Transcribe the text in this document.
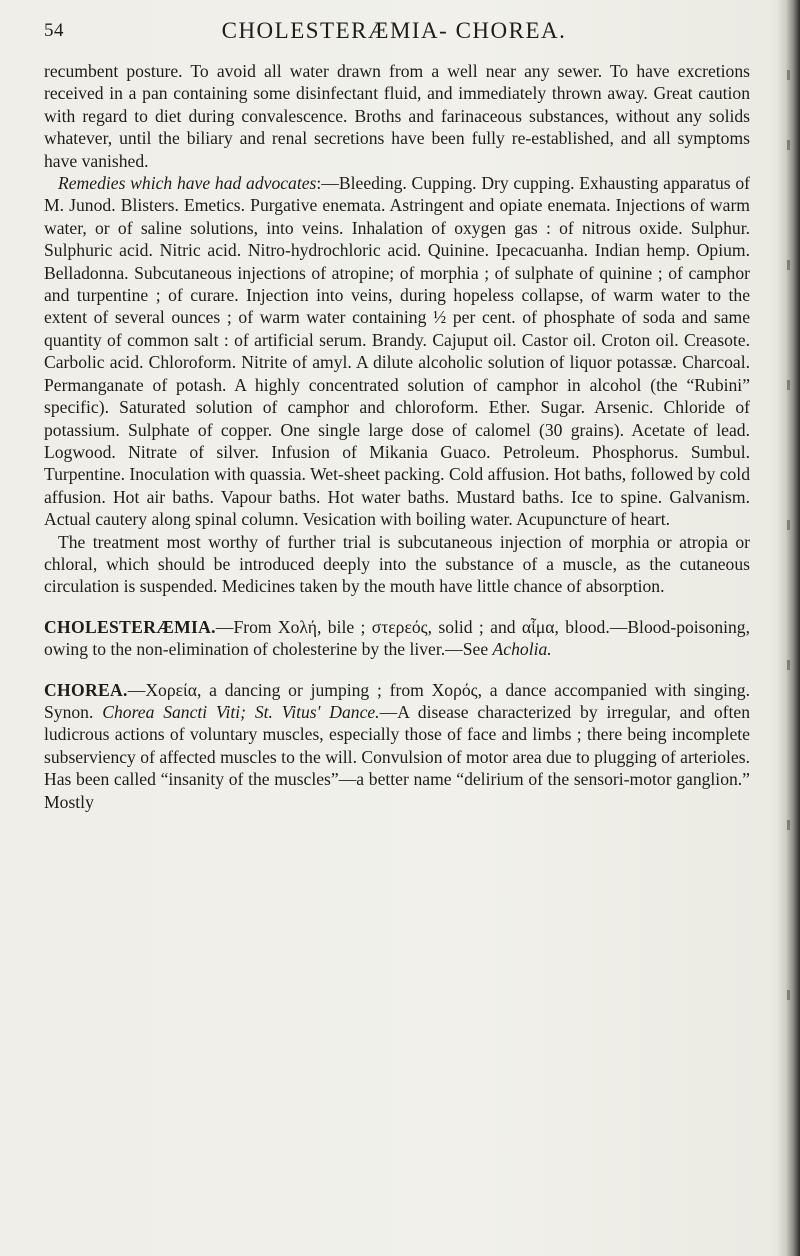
54	CHOLESTERÆMIA- CHOREA.

recumbent posture. To avoid all water drawn from a well near any sewer. To have excretions received in a pan containing some disinfectant fluid, and immediately thrown away. Great caution with regard to diet during convalescence. Broths and farinaceous substances, without any solids whatever, until the biliary and renal secretions have been fully re-established, and all symptoms have vanished.

Remedies which have had advocates:—Bleeding. Cupping. Dry cupping. Exhausting apparatus of M. Junod. Blisters. Emetics. Purgative enemata. Astringent and opiate enemata. Injections of warm water, or of saline solutions, into veins. Inhalation of oxygen gas : of nitrous oxide. Sulphur. Sulphuric acid. Nitric acid. Nitro-hydrochloric acid. Quinine. Ipecacuanha. Indian hemp. Opium. Belladonna. Subcutaneous injections of atropine; of morphia ; of sulphate of quinine ; of camphor and turpentine ; of curare. Injection into veins, during hopeless collapse, of warm water to the extent of several ounces ; of warm water containing ½ per cent. of phosphate of soda and same quantity of common salt : of artificial serum. Brandy. Cajuput oil. Castor oil. Croton oil. Creasote. Carbolic acid. Chloroform. Nitrite of amyl. A dilute alcoholic solution of liquor potassæ. Charcoal. Permanganate of potash. A highly concentrated solution of camphor in alcohol (the “Rubini” specific). Saturated solution of camphor and chloroform. Ether. Sugar. Arsenic. Chloride of potassium. Sulphate of copper. One single large dose of calomel (30 grains). Acetate of lead. Logwood. Nitrate of silver. Infusion of Mikania Guaco. Petroleum. Phosphorus. Sumbul. Turpentine. Inoculation with quassia. Wet-sheet packing. Cold affusion. Hot baths, followed by cold affusion. Hot air baths. Vapour baths. Hot water baths. Mustard baths. Ice to spine. Galvanism. Actual cautery along spinal column. Vesication with boiling water. Acupuncture of heart.

The treatment most worthy of further trial is subcutaneous injection of morphia or atropia or chloral, which should be introduced deeply into the substance of a muscle, as the cutaneous circulation is suspended. Medicines taken by the mouth have little chance of absorption.

CHOLESTERÆMIA.—From Χολή, bile ; στερεός, solid ; and αἷμα, blood.—Blood-poisoning, owing to the non-elimination of cholesterine by the liver.—See Acholia.

CHOREA.—Χορεία, a dancing or jumping ; from Χορός, a dance accompanied with singing. Synon. Chorea Sancti Viti; St. Vitus' Dance.—A disease characterized by irregular, and often ludicrous actions of voluntary muscles, especially those of face and limbs ; there being incomplete subserviency of affected muscles to the will. Convulsion of motor area due to plugging of arterioles. Has been called “insanity of the muscles”—a better name “delirium of the sensori-motor ganglion.” Mostly
